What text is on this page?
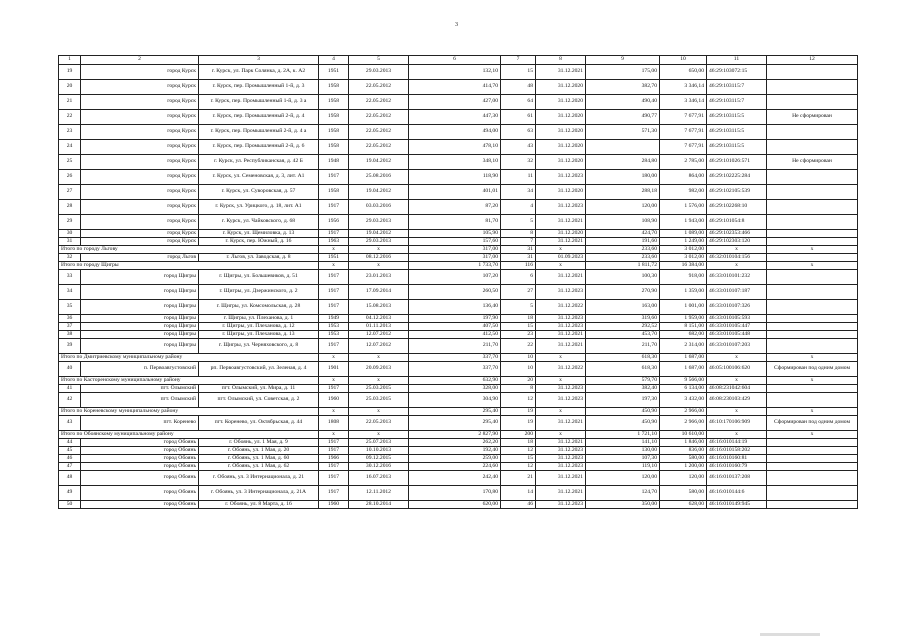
3
1	2	3	4	5	6	7	8	9	10	11	12
19	город Курск	г. Курск, ул. Парк Солянка, д. 2А, к. А2	1951	29.03.2013	132,10	15	31.12.2021	175,00	650,00	46:29:103072:15	
20	город Курск	г. Курск, пер. Промышленный 1-й, д. 3	1958	22.05.2012	414,70	48	31.12.2020	382,70	3 346,14	46:29:103115:7	
21	город Курск	г. Курск, пер. Промышленный 1-й, д. 3 а	1958	22.05.2012	427,00	64	31.12.2020	490,40	3 346,14	46:29:103115:7	
22	город Курск	г. Курск, пер. Промышленный 2-й, д. 4	1958	22.05.2012	447,30	61	31.12.2020	490,77	7 677,91	46:29:103115:5	Не сформирован
23	город Курск	г. Курск, пер. Промышленный 2-й, д. 4 а	1958	22.05.2012	494,00	63	31.12.2020	571,30	7 677,91	46:29:103115:5	
24	город Курск	г. Курск, пер. Промышленный 2-й, д. 6	1958	22.05.2012	478,10	43	31.12.2020		7 677,91	46:29:103115:5	
25	город Курск	г. Курск, ул. Республиканская, д. 42 Б	1948	19.04.2012	348,10	32	31.12.2020	284,80	2 785,00	46:29:101026:571	Не сформирован
26	город Курск	г. Курск, ул. Семеновская, д. 3, лит. А1	1917	25.08.2016	118,90	11	31.12.2023	180,00	864,00	46:29:102225:284	
27	город Курск	г. Курск, ул. Суворовская, д. 57	1958	19.04.2012	401,01	34	31.12.2020	288,18	982,00	46:29:102105:539	
28	город Курск	г. Курск, ул. Урицкого, д. 18, лит. А1	1917	03.03.2016	87,20	4	31.12.2023	120,00	1 576,00	46:29:102268:10	
29	город Курск	г. Курск, ул. Чайковского, д. 68	1956	29.03.2013	81,70	5	31.12.2021	108,90	1 943,00	46:29:101054:8	
30	город Курск	г. Курск, ул. Щемиловка, д. 13	1917	19.04.2012	105,90	8	31.12.2020	424,70	1 089,00	46:29:102353:466	
31	город Курск	г. Курск, пер. Южный, д. 16	1963	29.03.2013	157,60	7	31.12.2021	191,60	1 249,00	46:29:102303:120	
Итого по городу Льгову			x	x	317,00	31	x	233,60	3 012,00	x	x
32	город Льгов	г. Льгов, ул. Заводская, д. 8	1951	08.12.2016	317,00	31	01.09.2023	233,60	3 012,00	46:32:010104:156	
Итого по городу Щигры			x	x	1 733,70	116	x	1 811,72	16 384,00	x	x
33	город Щигры	г. Щигры, ул. Большевиков, д. 51	1917	23.01.2013	107,20	6	31.12.2021	100,30	918,00	46:33:010101:232	
34	город Щигры	г. Щигры, ул. Дзержинского, д. 2	1917	17.09.2014	260,50	27	31.12.2023	270,90	1 359,00	46:33:010107:187	
35	город Щигры	г. Щигры, ул. Комсомольская, д. 28	1917	15.08.2013	136,40	5	31.12.2022	163,00	1 001,00	46:33:010107:326	
36	город Щигры	г. Щигры, ул. Плеханова, д. 1	1949	04.12.2013	197,90	18	31.12.2023	319,60	1 959,00	46:33:010105:593	
37	город Щигры	г. Щигры, ул. Плеханова, д. 12	1953	01.11.2013	407,50	15	31.12.2023	292,52	8 151,00	46:33:010105:447	
38	город Щигры	г. Щигры, ул. Плеханова, д. 13	1953	12.07.2012	412,50	23	31.12.2021	453,70	682,00	46:33:010105:448	
39	город Щигры	г. Щигры, ул. Черняховского, д. 8	1917	12.07.2012	211,70	22	31.12.2021	211,70	2 314,00	46:33:010107:203	
Итого по Дмитриевскому муниципальному району			x	x	337,70	10	x	618,30	1 687,00	x	x
40	п. Первоавгустовский	рп. Первоавгустовский, ул. Зеленая, д. 4	1901	20.09.2013	337,70	10	31.12.2022	618,30	1 687,00	46:05:100106:620	Сформирован под одним домом
Итого по Касторенскому муниципальному району			x	x	632,90	20	x	579,70	9 566,00	x	x
41	пгт. Олымский	пгт. Олымский, ул. Мира, д. 11	1917	25.03.2015	328,00	8	31.12.2023	382,40	6 134,00	46:08:231042:604	
42	пгт. Олымский	пгт. Олымский, ул. Советская, д. 2	1960	25.03.2015	304,90	12	31.12.2023	197,30	3 432,00	46:08:230103:429	
Итого по Кореневскому муниципальному району			x	x	295,40	19	x	450,90	2 966,00	x	x
43	пгт. Коренево	пгт. Коренево, ул. Октябрьская, д. 44	1808	22.05.2013	295,40	19	31.12.2021	450,90	2 966,00	46:10:170106:909	Сформирован под одним домом
Итого по Обоянскому муниципальному району			x	x	2 827,90	200	x	1 721,10	10 610,00	x	x
44	город Обоянь	г. Обоянь, ул. 1 Мая, д. 9	1917	25.07.2013	262,20	18	31.12.2021	141,10	1 846,00	46:16:010144:19	
45	город Обоянь	г. Обоянь, ул. 1 Мая, д. 20	1917	10.10.2013	192,40	12	31.12.2023	130,00	836,00	46:16:010158:202	
46	город Обоянь	г. Обоянь, ул. 1 Мая, д. 60	1966	09.12.2015	259,00	15	31.12.2023	107,30	580,00	46:16:010160:81	
47	город Обоянь	г. Обоянь, ул. 1 Мая, д. 62	1917	30.12.2016	224,60	12	31.12.2023	119,10	1 200,00	46:16:010160:79	
48	город Обоянь	г. Обоянь, ул. 3 Интернационала, д. 21	1917	16.07.2013	242,40	21	31.12.2021	120,00	120,00	46:16:010137:208	
49	город Обоянь	г. Обоянь, ул. 3 Интернационала, д. 21А	1917	12.11.2012	170,80	14	31.12.2021	124,70	580,00	46:16:010144:6	
50	город Обоянь	г. Обоянь, ул. 8 Марта, д. 16	1960	28.10.2014	620,00	46	31.12.2023	350,00	628,00	46:16:010149:945	
